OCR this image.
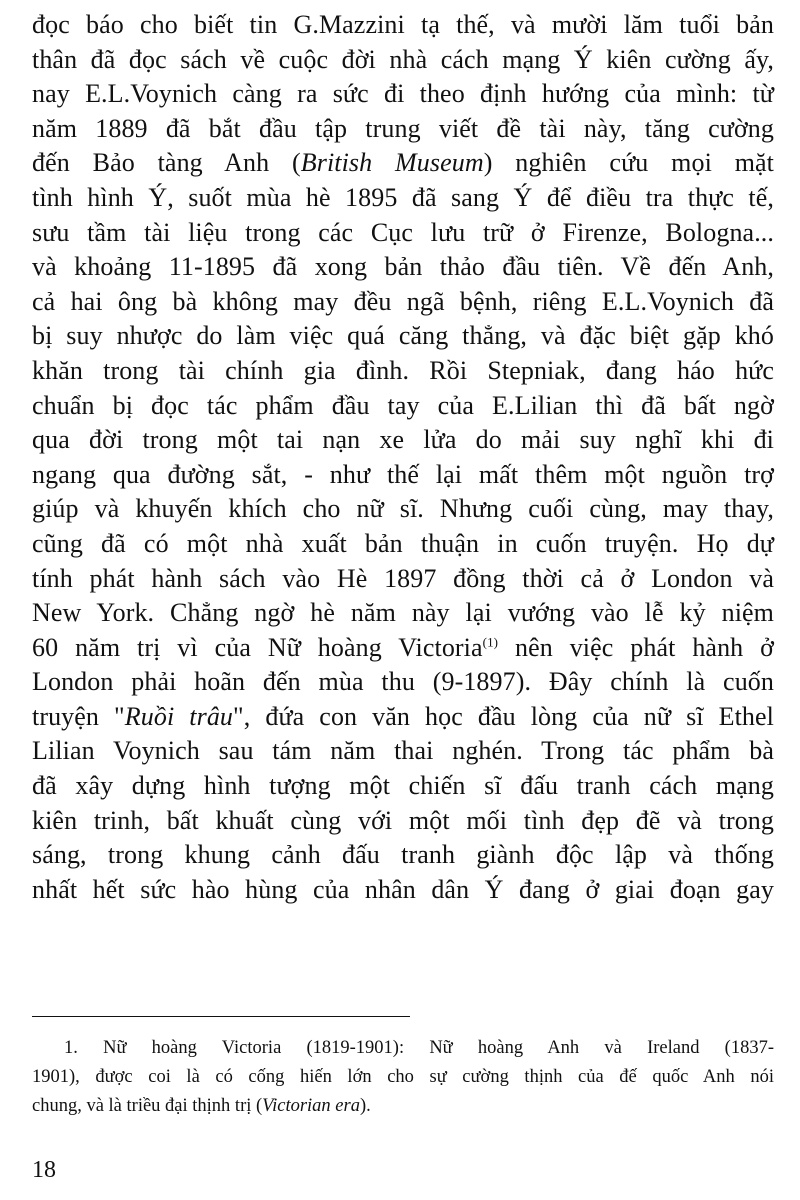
đọc báo cho biết tin G.Mazzini tạ thế, và mười lăm tuổi bản
thân đã đọc sách về cuộc đời nhà cách mạng Ý kiên cường ấy,
nay E.L.Voynich càng ra sức đi theo định hướng của mình: từ
năm 1889 đã bắt đầu tập trung viết đề tài này, tăng cường
đến Bảo tàng Anh (British Museum) nghiên cứu mọi mặt
tình hình Ý, suốt mùa hè 1895 đã sang Ý để điều tra thực tế,
sưu tầm tài liệu trong các Cục lưu trữ ở Firenze, Bologna...
và khoảng 11-1895 đã xong bản thảo đầu tiên. Về đến Anh,
cả hai ông bà không may đều ngã bệnh, riêng E.L.Voynich đã
bị suy nhược do làm việc quá căng thẳng, và đặc biệt gặp khó
khăn trong tài chính gia đình. Rồi Stepniak, đang háo hức
chuẩn bị đọc tác phẩm đầu tay của E.Lilian thì đã bất ngờ
qua đời trong một tai nạn xe lửa do mải suy nghĩ khi đi
ngang qua đường sắt, - như thế lại mất thêm một nguồn trợ
giúp và khuyến khích cho nữ sĩ. Nhưng cuối cùng, may thay,
cũng đã có một nhà xuất bản thuận in cuốn truyện. Họ dự
tính phát hành sách vào Hè 1897 đồng thời cả ở London và
New York. Chẳng ngờ hè năm này lại vướng vào lễ kỷ niệm
60 năm trị vì của Nữ hoàng Victoria$^{(1)}$ nên việc phát hành ở
London phải hoãn đến mùa thu (9-1897). Đây chính là cuốn
truyện "Ruồi trâu", đứa con văn học đầu lòng của nữ sĩ Ethel
Lilian Voynich sau tám năm thai nghén. Trong tác phẩm bà
đã xây dựng hình tượng một chiến sĩ đấu tranh cách mạng
kiên trinh, bất khuất cùng với một mối tình đẹp đẽ và trong
sáng, trong khung cảnh đấu tranh giành độc lập và thống
nhất hết sức hào hùng của nhân dân Ý đang ở giai đoạn gay
1. Nữ hoàng Victoria (1819-1901): Nữ hoàng Anh và Ireland (1837-
1901), được coi là có cống hiến lớn cho sự cường thịnh của đế quốc Anh nói
chung, và là triều đại thịnh trị (Victorian era).
18
